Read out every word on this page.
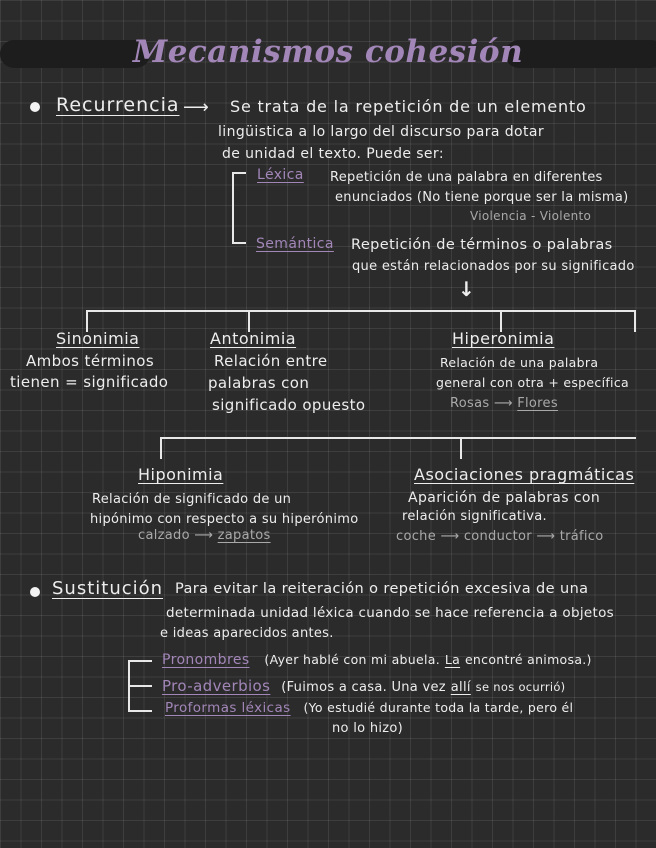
Mecanismos cohesión
Recurrencia ⟶ Se trata de la repetición de un elemento
lingüistica a lo largo del discurso para dotar
de unidad el texto. Puede ser:
Léxica Repetición de una palabra en diferentes
enunciados (No tiene porque ser la misma)
Violencia - Violento
Semántica Repetición de términos o palabras
que están relacionados por su significado
↓
Sinonimia
Ambos términos
tienen = significado
Antonimia
Relación entre
palabras con
significado opuesto
Hiperonimia
Relación de una palabra
general con otra + específica
Rosas ⟶ Flores
Hiponimia
Relación de significado de un
hipónimo con respecto a su hiperónimo
calzado ⟶ zapatos
Asociaciones pragmáticas
Aparición de palabras con
relación significativa.
coche ⟶ conductor ⟶ tráfico
Sustitución Para evitar la reiteración o repetición excesiva de una
determinada unidad léxica cuando se hace referencia a objetos
e ideas aparecidos antes.
Pronombres (Ayer hablé con mi abuela. La encontré animosa.)
Pro-adverbios (Fuimos a casa. Una vez allí se nos ocurrió)
Proformas léxicas (Yo estudié durante toda la tarde, pero él
no lo hizo)
